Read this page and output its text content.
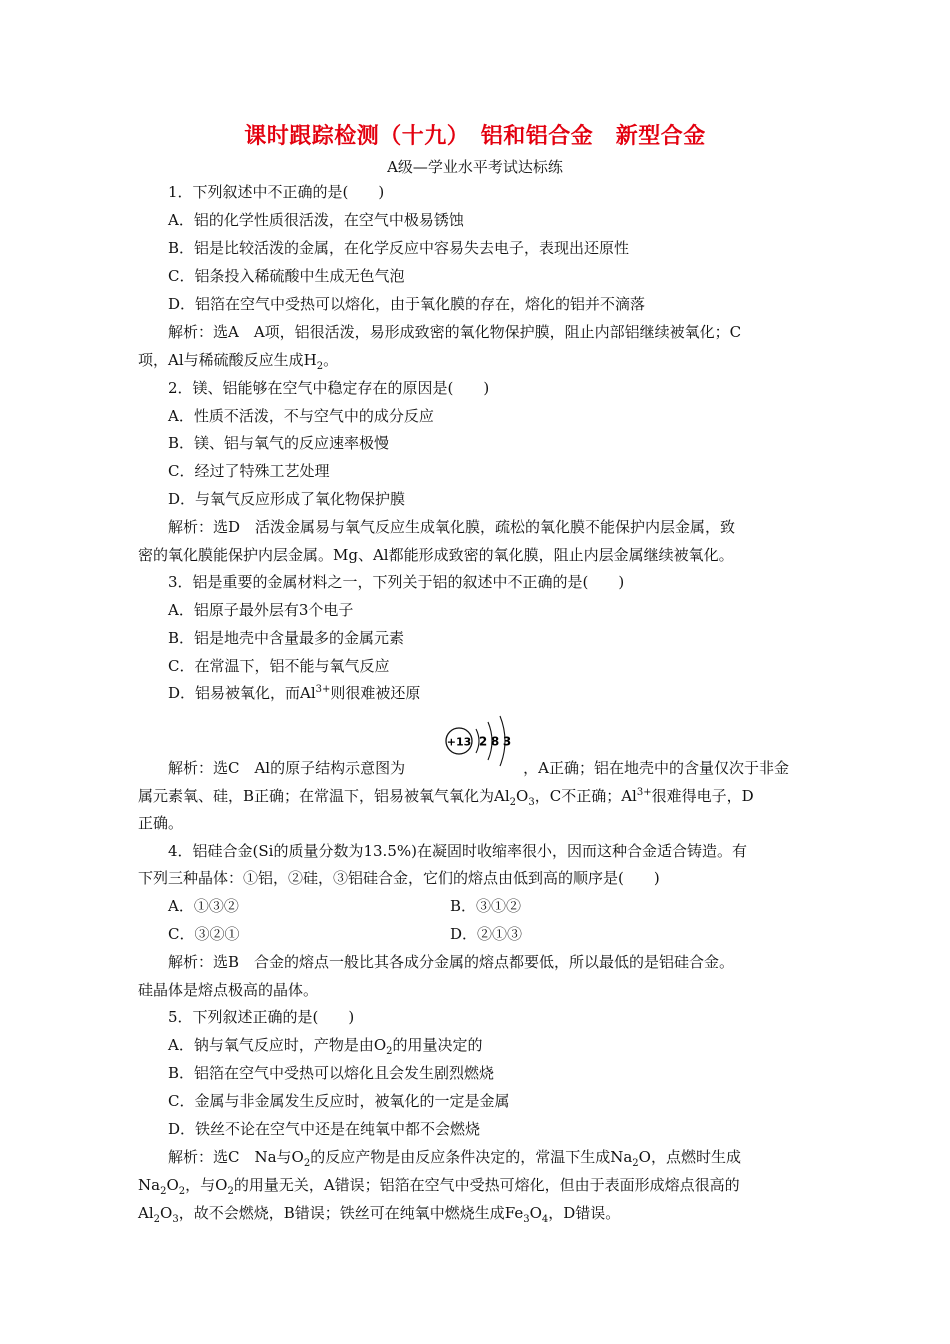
课时跟踪检测（十九）　铝和铝合金　新型合金
A级—学业水平考试达标练
1．下列叙述中不正确的是(　　)
A．铝的化学性质很活泼，在空气中极易锈蚀
B．铝是比较活泼的金属，在化学反应中容易失去电子，表现出还原性
C．铝条投入稀硫酸中生成无色气泡
D．铝箔在空气中受热可以熔化，由于氧化膜的存在，熔化的铝并不滴落
解析：选A　A项，铝很活泼，易形成致密的氧化物保护膜，阻止内部铝继续被氧化；C
项，Al与稀硫酸反应生成$H_2$。
2．镁、铝能够在空气中稳定存在的原因是(　　)
A．性质不活泼，不与空气中的成分反应
B．镁、铝与氧气的反应速率极慢
C．经过了特殊工艺处理
D．与氧气反应形成了氧化物保护膜
解析：选D　活泼金属易与氧气反应生成氧化膜，疏松的氧化膜不能保护内层金属，致
密的氧化膜能保护内层金属。Mg、Al都能形成致密的氧化膜，阻止内层金属继续被氧化。
3．铝是重要的金属材料之一，下列关于铝的叙述中不正确的是(　　)
A．铝原子最外层有3个电子
B．铝是地壳中含量最多的金属元素
C．在常温下，铝不能与氧气反应
D．铝易被氧化，而$Al^{3+}$则很难被还原
+13 2 8 3
解析：选C　Al的原子结构示意图为	，A正确；铝在地壳中的含量仅次于非金
属元素氧、硅，B正确；在常温下，铝易被氧气氧化为$Al_2O_3$，C不正确；$Al^{3+}$很难得电子，D
正确。
4．铝硅合金(Si的质量分数为13.5%)在凝固时收缩率很小，因而这种合金适合铸造。有
下列三种晶体：①铝，②硅，③铝硅合金，它们的熔点由低到高的顺序是(　　)
A．①③②	B．③①②
C．③②①	D．②①③
解析：选B　合金的熔点一般比其各成分金属的熔点都要低，所以最低的是铝硅合金。
硅晶体是熔点极高的晶体。
5．下列叙述正确的是(　　)
A．钠与氧气反应时，产物是由$O_2$的用量决定的
B．铝箔在空气中受热可以熔化且会发生剧烈燃烧
C．金属与非金属发生反应时，被氧化的一定是金属
D．铁丝不论在空气中还是在纯氧中都不会燃烧
解析：选C　Na与$O_2$的反应产物是由反应条件决定的，常温下生成$Na_2O$，点燃时生成
$Na_2O_2$，与$O_2$的用量无关，A错误；铝箔在空气中受热可熔化，但由于表面形成熔点很高的
$Al_2O_3$，故不会燃烧，B错误；铁丝可在纯氧中燃烧生成$Fe_3O_4$，D错误。
